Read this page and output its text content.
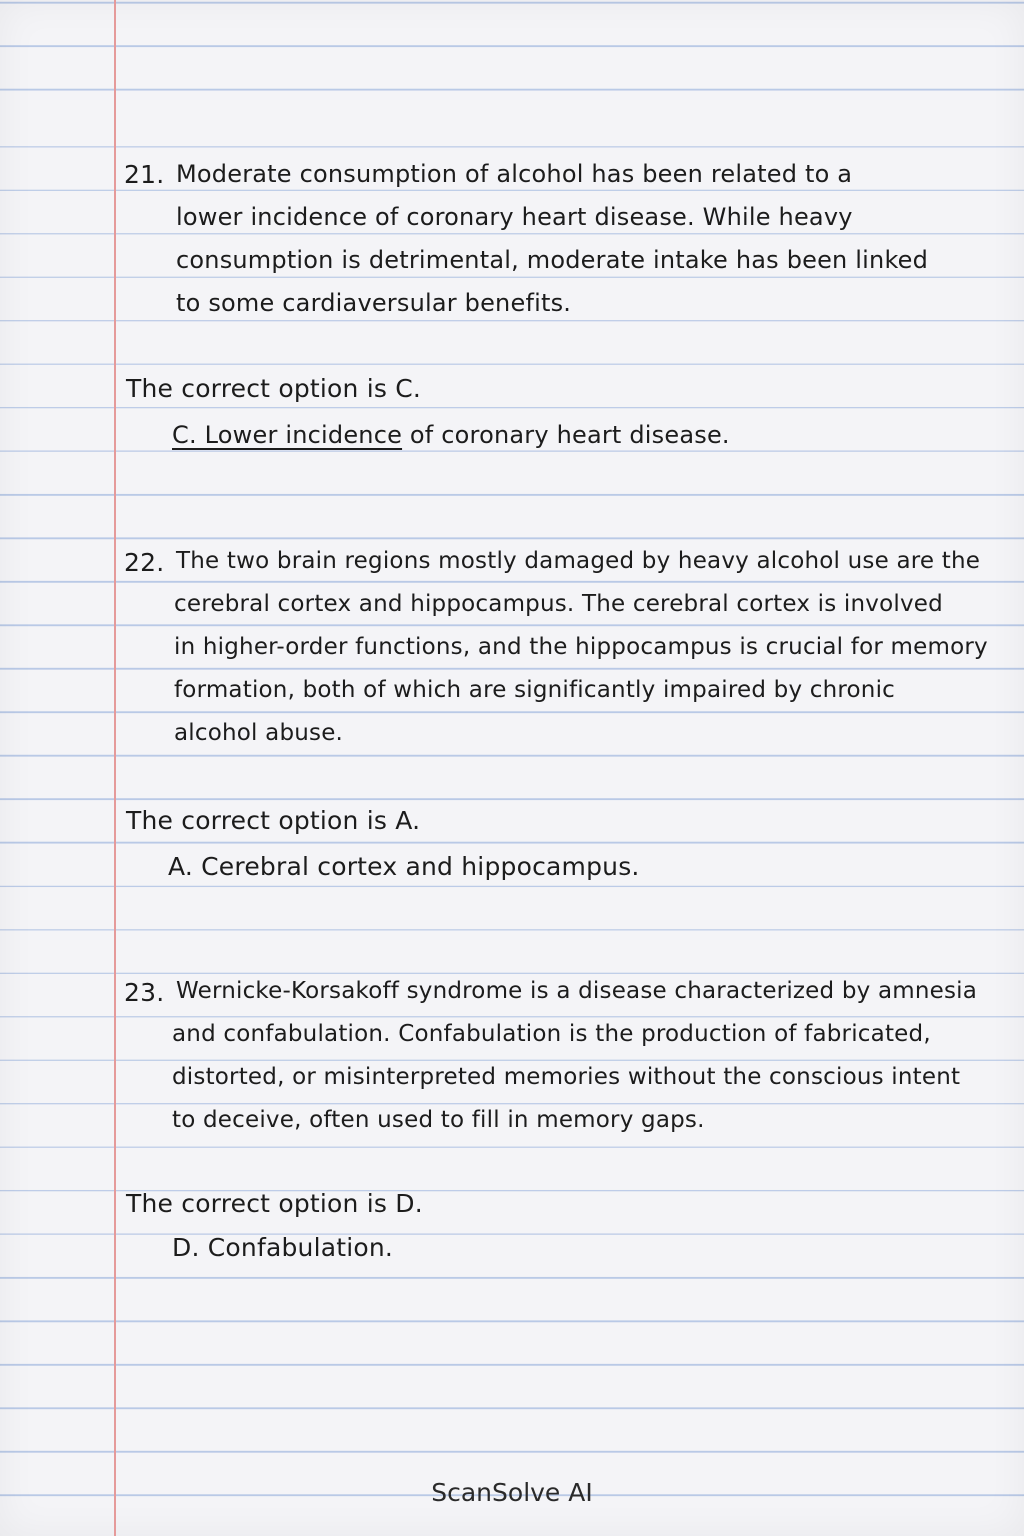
21. Moderate consumption of alcohol has been related to a
lower incidence of coronary heart disease. While heavy
consumption is detrimental, moderate intake has been linked
to some cardiaversular benefits.
The correct option is C.
C. Lower incidence of coronary heart disease.
22. The two brain regions mostly damaged by heavy alcohol use are the
cerebral cortex and hippocampus. The cerebral cortex is involved
in higher-order functions, and the hippocampus is crucial for memory
formation, both of which are significantly impaired by chronic
alcohol abuse.
The correct option is A.
A. Cerebral cortex and hippocampus.
23. Wernicke-Korsakoff syndrome is a disease characterized by amnesia
and confabulation. Confabulation is the production of fabricated,
distorted, or misinterpreted memories without the conscious intent
to deceive, often used to fill in memory gaps.
The correct option is D.
D. Confabulation.
ScanSolve AI
